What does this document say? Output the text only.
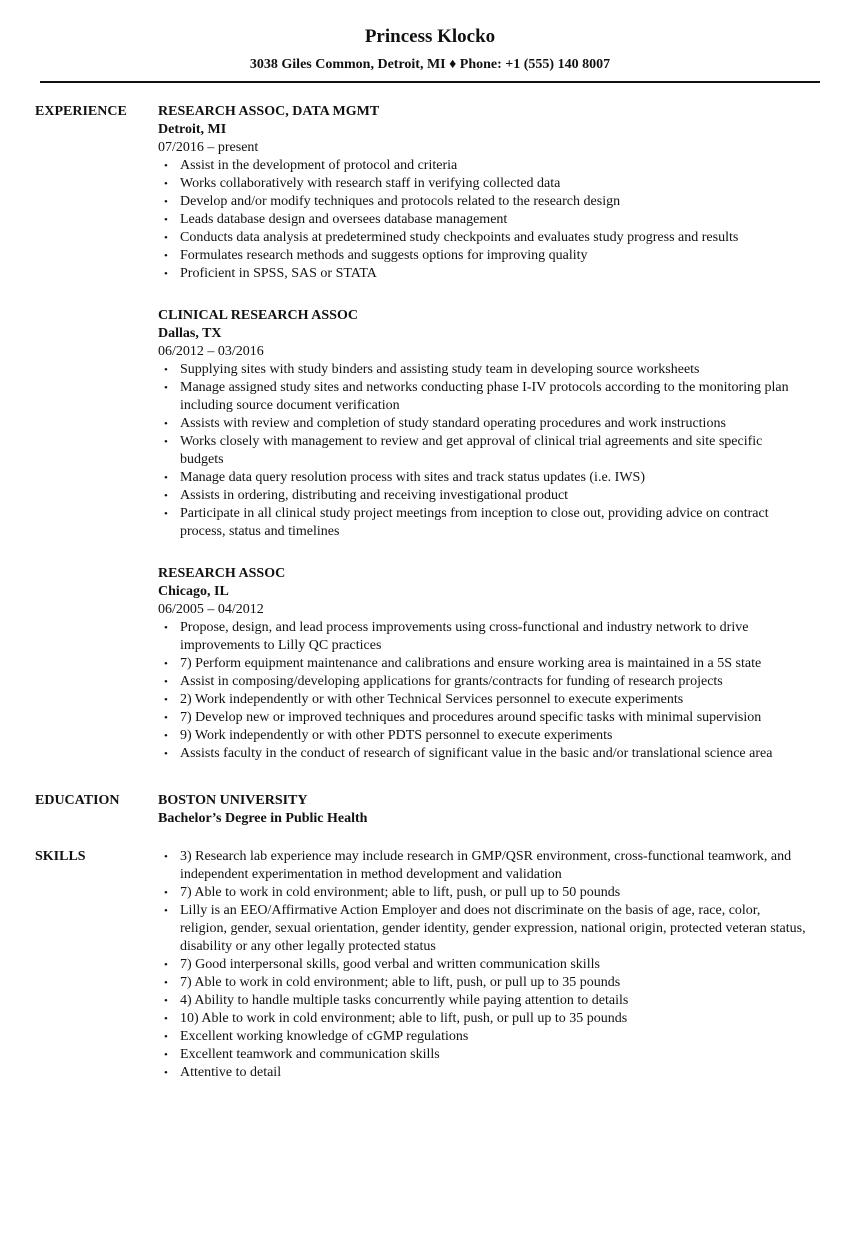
Princess Klocko
3038 Giles Common, Detroit, MI ♦ Phone: +1 (555) 140 8007
EXPERIENCE RESEARCH ASSOC, DATA MGMT
Detroit, MI
07/2016 – present
• Assist in the development of protocol and criteria
• Works collaboratively with research staff in verifying collected data
• Develop and/or modify techniques and protocols related to the research design
• Leads database design and oversees database management
• Conducts data analysis at predetermined study checkpoints and evaluates study progress and results
• Formulates research methods and suggests options for improving quality
• Proficient in SPSS, SAS or STATA
CLINICAL RESEARCH ASSOC
Dallas, TX
06/2012 – 03/2016
• Supplying sites with study binders and assisting study team in developing source worksheets
• Manage assigned study sites and networks conducting phase I-IV protocols according to the monitoring plan including source document verification
• Assists with review and completion of study standard operating procedures and work instructions
• Works closely with management to review and get approval of clinical trial agreements and site specific budgets
• Manage data query resolution process with sites and track status updates (i.e. IWS)
• Assists in ordering, distributing and receiving investigational product
• Participate in all clinical study project meetings from inception to close out, providing advice on contract process, status and timelines
RESEARCH ASSOC
Chicago, IL
06/2005 – 04/2012
• Propose, design, and lead process improvements using cross-functional and industry network to drive improvements to Lilly QC practices
• 7) Perform equipment maintenance and calibrations and ensure working area is maintained in a 5S state
• Assist in composing/developing applications for grants/contracts for funding of research projects
• 2) Work independently or with other Technical Services personnel to execute experiments
• 7) Develop new or improved techniques and procedures around specific tasks with minimal supervision
• 9) Work independently or with other PDTS personnel to execute experiments
• Assists faculty in the conduct of research of significant value in the basic and/or translational science area
EDUCATION	BOSTON UNIVERSITY
Bachelor’s Degree in Public Health
SKILLS	• 3) Research lab experience may include research in GMP/QSR environment, cross-functional teamwork, and independent experimentation in method development and validation
• 7) Able to work in cold environment; able to lift, push, or pull up to 50 pounds
• Lilly is an EEO/Affirmative Action Employer and does not discriminate on the basis of age, race, color, religion, gender, sexual orientation, gender identity, gender expression, national origin, protected veteran status, disability or any other legally protected status
• 7) Good interpersonal skills, good verbal and written communication skills
• 7) Able to work in cold environment; able to lift, push, or pull up to 35 pounds
• 4) Ability to handle multiple tasks concurrently while paying attention to details
• 10) Able to work in cold environment; able to lift, push, or pull up to 35 pounds
• Excellent working knowledge of cGMP regulations
• Excellent teamwork and communication skills
• Attentive to detail
